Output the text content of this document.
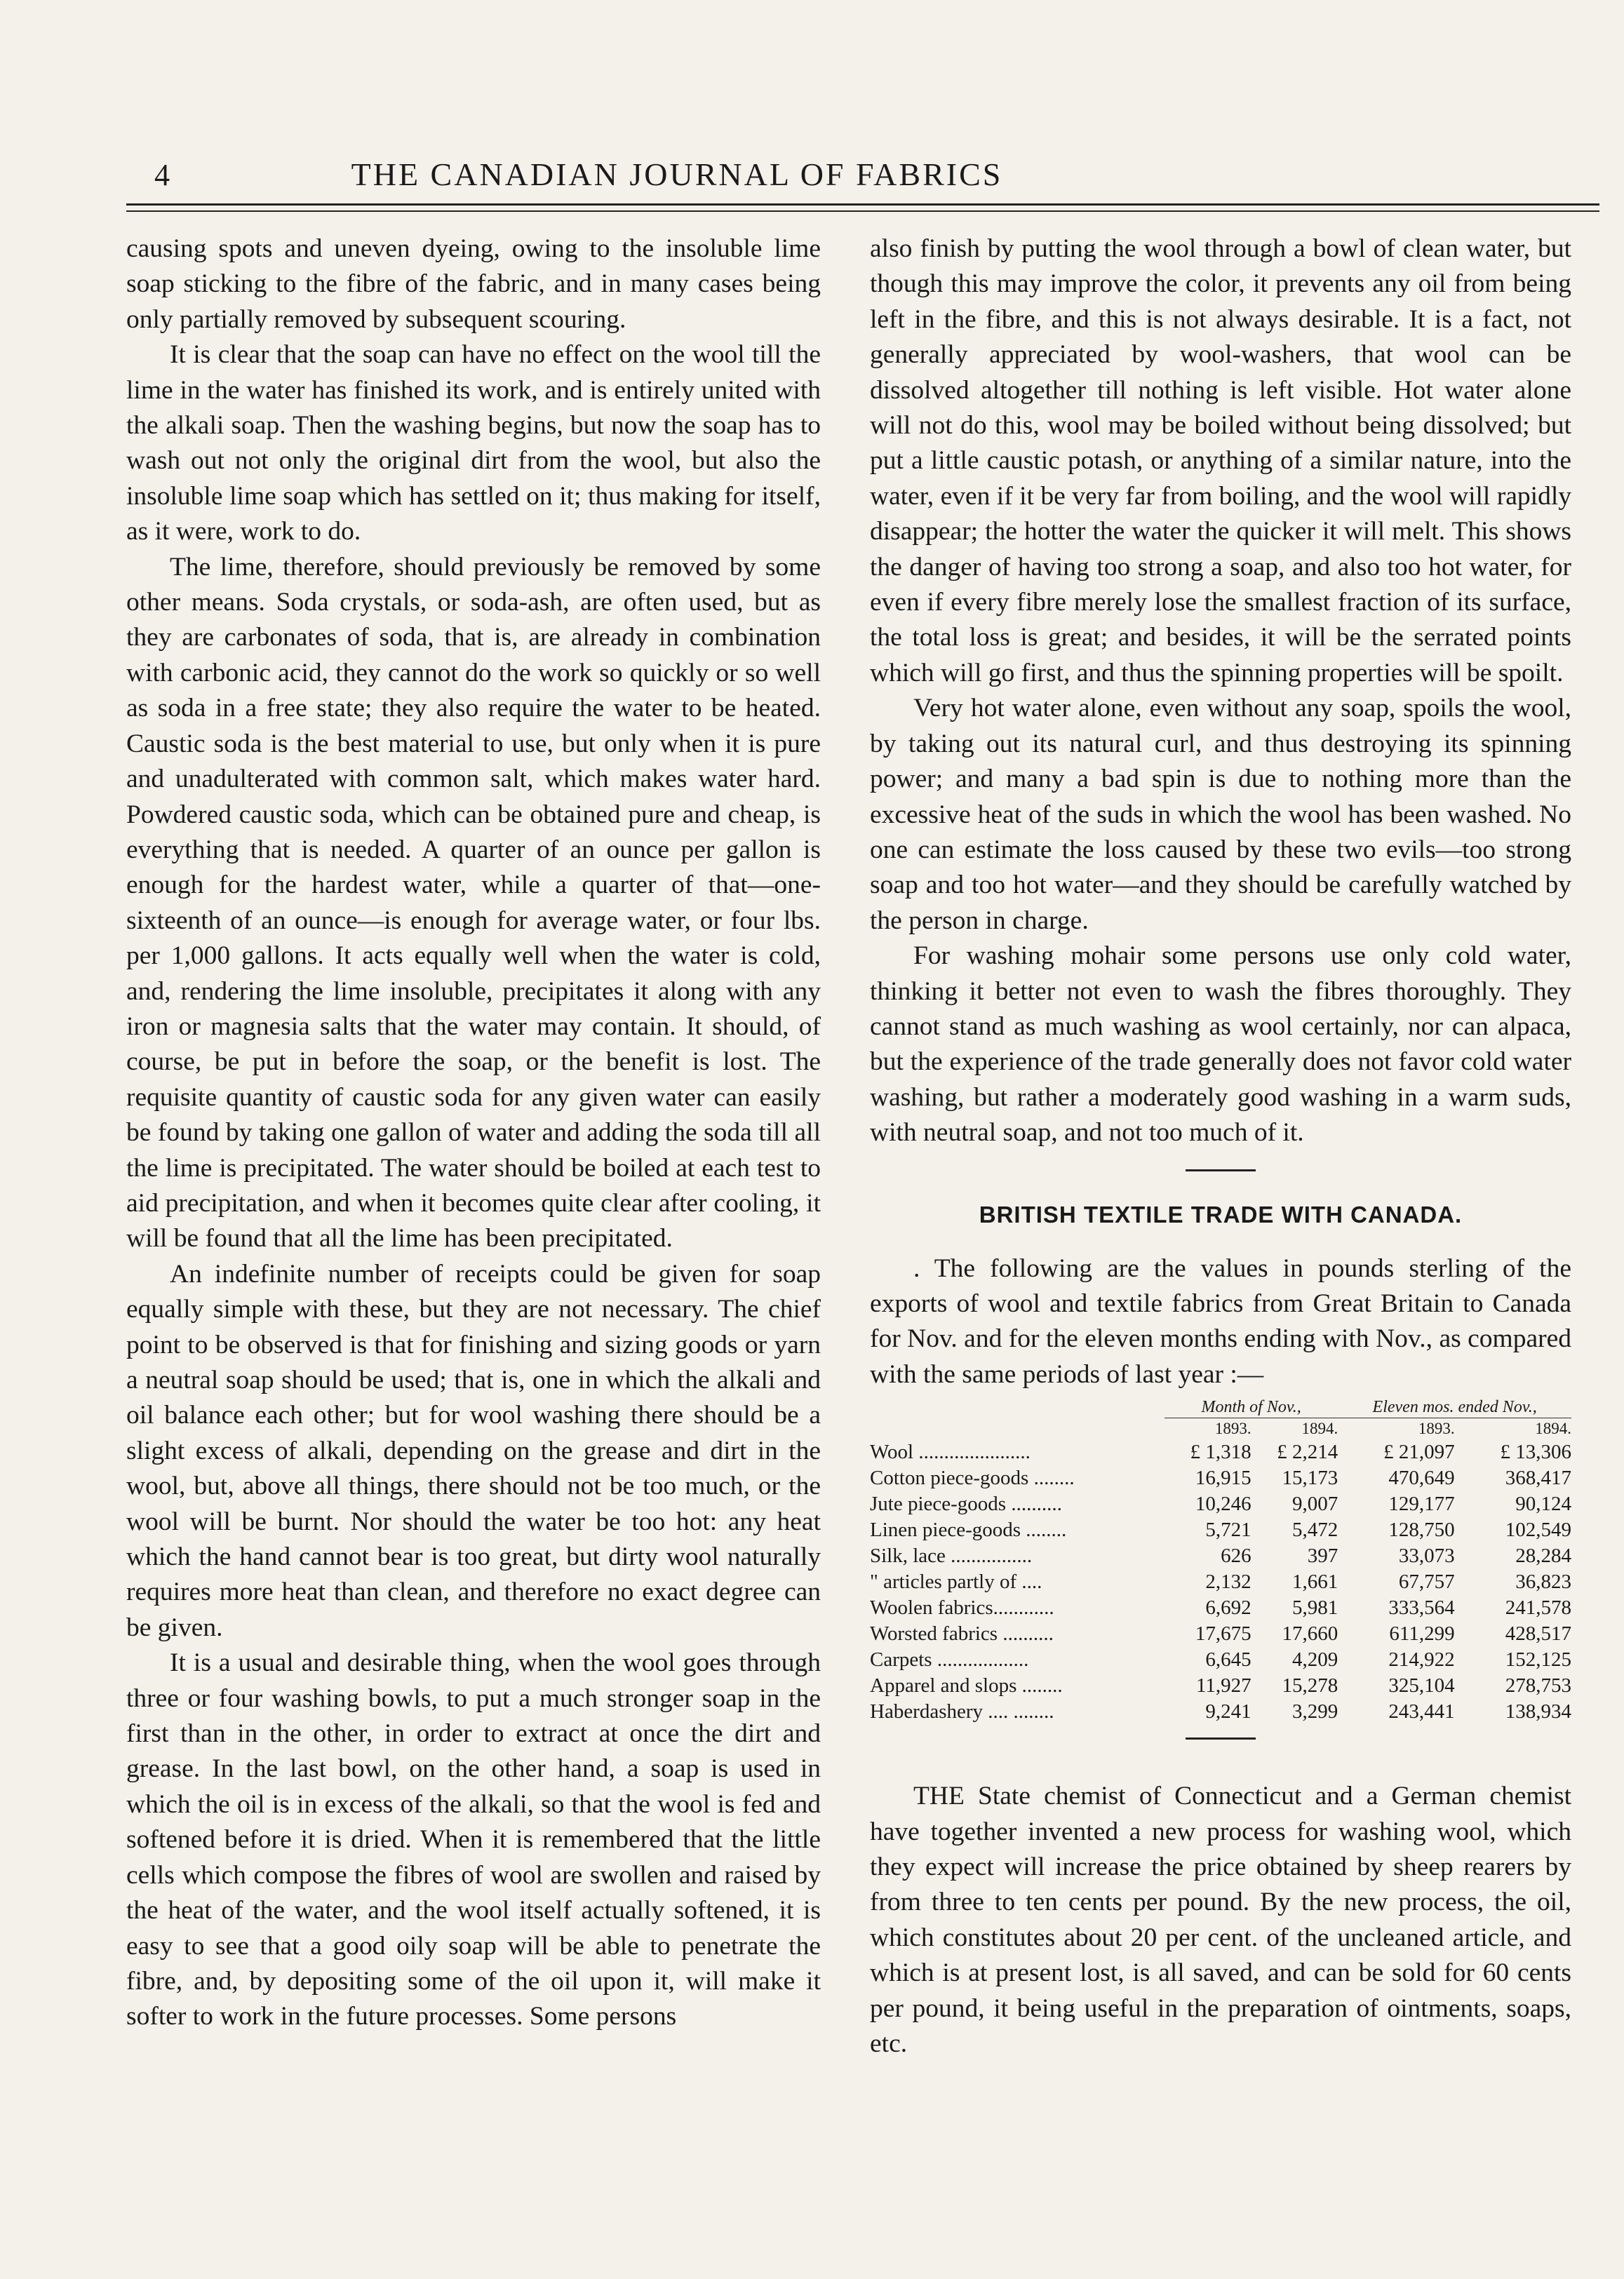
4	THE CANADIAN JOURNAL OF FABRICS

causing spots and uneven dyeing, owing to the insoluble lime soap sticking to the fibre of the fabric, and in many cases being only partially removed by subsequent scouring.

It is clear that the soap can have no effect on the wool till the lime in the water has finished its work, and is entirely united with the alkali soap. Then the washing begins, but now the soap has to wash out not only the original dirt from the wool, but also the insoluble lime soap which has settled on it; thus making for itself, as it were, work to do.

The lime, therefore, should previously be removed by some other means. Soda crystals, or soda-ash, are often used, but as they are carbonates of soda, that is, are already in combination with carbonic acid, they cannot do the work so quickly or so well as soda in a free state; they also require the water to be heated. Caustic soda is the best material to use, but only when it is pure and unadulterated with common salt, which makes water hard. Powdered caustic soda, which can be obtained pure and cheap, is everything that is needed. A quarter of an ounce per gallon is enough for the hardest water, while a quarter of that—one-sixteenth of an ounce—is enough for average water, or four lbs. per 1,000 gallons. It acts equally well when the water is cold, and, rendering the lime insoluble, precipitates it along with any iron or magnesia salts that the water may contain. It should, of course, be put in before the soap, or the benefit is lost. The requisite quantity of caustic soda for any given water can easily be found by taking one gallon of water and adding the soda till all the lime is precipitated. The water should be boiled at each test to aid precipitation, and when it becomes quite clear after cooling, it will be found that all the lime has been precipitated.

An indefinite number of receipts could be given for soap equally simple with these, but they are not necessary. The chief point to be observed is that for finishing and sizing goods or yarn a neutral soap should be used; that is, one in which the alkali and oil balance each other; but for wool washing there should be a slight excess of alkali, depending on the grease and dirt in the wool, but, above all things, there should not be too much, or the wool will be burnt. Nor should the water be too hot: any heat which the hand cannot bear is too great, but dirty wool naturally requires more heat than clean, and therefore no exact degree can be given.

It is a usual and desirable thing, when the wool goes through three or four washing bowls, to put a much stronger soap in the first than in the other, in order to extract at once the dirt and grease. In the last bowl, on the other hand, a soap is used in which the oil is in excess of the alkali, so that the wool is fed and softened before it is dried. When it is remembered that the little cells which compose the fibres of wool are swollen and raised by the heat of the water, and the wool itself actually softened, it is easy to see that a good oily soap will be able to penetrate the fibre, and, by depositing some of the oil upon it, will make it softer to work in the future processes. Some persons

also finish by putting the wool through a bowl of clean water, but though this may improve the color, it prevents any oil from being left in the fibre, and this is not always desirable. It is a fact, not generally appreciated by wool-washers, that wool can be dissolved altogether till nothing is left visible. Hot water alone will not do this, wool may be boiled without being dissolved; but put a little caustic potash, or anything of a similar nature, into the water, even if it be very far from boiling, and the wool will rapidly disappear; the hotter the water the quicker it will melt. This shows the danger of having too strong a soap, and also too hot water, for even if every fibre merely lose the smallest fraction of its surface, the total loss is great; and besides, it will be the serrated points which will go first, and thus the spinning properties will be spoilt.

Very hot water alone, even without any soap, spoils the wool, by taking out its natural curl, and thus destroying its spinning power; and many a bad spin is due to nothing more than the excessive heat of the suds in which the wool has been washed. No one can estimate the loss caused by these two evils—too strong soap and too hot water—and they should be carefully watched by the person in charge.

For washing mohair some persons use only cold water, thinking it better not even to wash the fibres thoroughly. They cannot stand as much washing as wool certainly, nor can alpaca, but the experience of the trade generally does not favor cold water washing, but rather a moderately good washing in a warm suds, with neutral soap, and not too much of it.

BRITISH TEXTILE TRADE WITH CANADA.

. The following are the values in pounds sterling of the exports of wool and textile fabrics from Great Britain to Canada for Nov. and for the eleven months ending with Nov., as compared with the same periods of last year :—

	Month of Nov.,		Eleven mos. ended Nov.,	
	1893.	1894.	1893.	1894.
Wool ......................	£ 1,318	£ 2,214	£ 21,097	£ 13,306
Cotton piece-goods ........	16,915	15,173	470,649	368,417
Jute piece-goods ..........	10,246	9,007	129,177	90,124
Linen piece-goods ........	5,721	5,472	128,750	102,549
Silk, lace ................	626	397	33,073	28,284
" articles partly of ....	2,132	1,661	67,757	36,823
Woolen fabrics............	6,692	5,981	333,564	241,578
Worsted fabrics ..........	17,675	17,660	611,299	428,517
Carpets ..................	6,645	4,209	214,922	152,125
Apparel and slops ........	11,927	15,278	325,104	278,753
Haberdashery .... ........	9,241	3,299	243,441	138,934

THE State chemist of Connecticut and a German chemist have together invented a new process for washing wool, which they expect will increase the price obtained by sheep rearers by from three to ten cents per pound. By the new process, the oil, which constitutes about 20 per cent. of the uncleaned article, and which is at present lost, is all saved, and can be sold for 60 cents per pound, it being useful in the preparation of ointments, soaps, etc.
